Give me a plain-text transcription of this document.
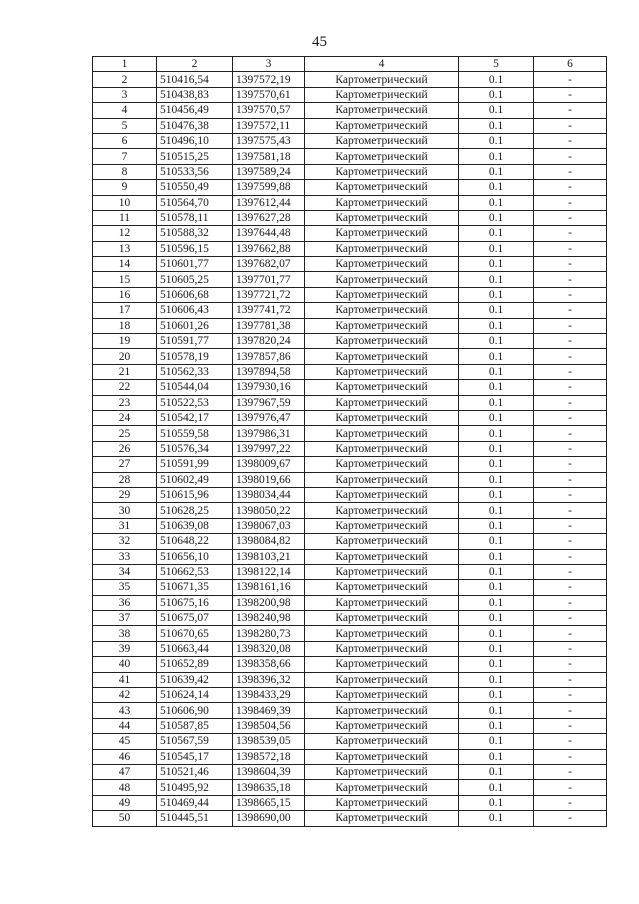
45
1	2	3	4	5	6
2	510416,54	1397572,19	Картометрический	0.1	-
3	510438,83	1397570,61	Картометрический	0.1	-
4	510456,49	1397570,57	Картометрический	0.1	-
5	510476,38	1397572,11	Картометрический	0.1	-
6	510496,10	1397575,43	Картометрический	0.1	-
7	510515,25	1397581,18	Картометрический	0.1	-
8	510533,56	1397589,24	Картометрический	0.1	-
9	510550,49	1397599,88	Картометрический	0.1	-
10	510564,70	1397612,44	Картометрический	0.1	-
11	510578,11	1397627,28	Картометрический	0.1	-
12	510588,32	1397644,48	Картометрический	0.1	-
13	510596,15	1397662,88	Картометрический	0.1	-
14	510601,77	1397682,07	Картометрический	0.1	-
15	510605,25	1397701,77	Картометрический	0.1	-
16	510606,68	1397721,72	Картометрический	0.1	-
17	510606,43	1397741,72	Картометрический	0.1	-
18	510601,26	1397781,38	Картометрический	0.1	-
19	510591,77	1397820,24	Картометрический	0.1	-
20	510578,19	1397857,86	Картометрический	0.1	-
21	510562,33	1397894,58	Картометрический	0.1	-
22	510544,04	1397930,16	Картометрический	0.1	-
23	510522,53	1397967,59	Картометрический	0.1	-
24	510542,17	1397976,47	Картометрический	0.1	-
25	510559,58	1397986,31	Картометрический	0.1	-
26	510576,34	1397997,22	Картометрический	0.1	-
27	510591,99	1398009,67	Картометрический	0.1	-
28	510602,49	1398019,66	Картометрический	0.1	-
29	510615,96	1398034,44	Картометрический	0.1	-
30	510628,25	1398050,22	Картометрический	0.1	-
31	510639,08	1398067,03	Картометрический	0.1	-
32	510648,22	1398084,82	Картометрический	0.1	-
33	510656,10	1398103,21	Картометрический	0.1	-
34	510662,53	1398122,14	Картометрический	0.1	-
35	510671,35	1398161,16	Картометрический	0.1	-
36	510675,16	1398200,98	Картометрический	0.1	-
37	510675,07	1398240,98	Картометрический	0.1	-
38	510670,65	1398280,73	Картометрический	0.1	-
39	510663,44	1398320,08	Картометрический	0.1	-
40	510652,89	1398358,66	Картометрический	0.1	-
41	510639,42	1398396,32	Картометрический	0.1	-
42	510624,14	1398433,29	Картометрический	0.1	-
43	510606,90	1398469,39	Картометрический	0.1	-
44	510587,85	1398504,56	Картометрический	0.1	-
45	510567,59	1398539,05	Картометрический	0.1	-
46	510545,17	1398572,18	Картометрический	0.1	-
47	510521,46	1398604,39	Картометрический	0.1	-
48	510495,92	1398635,18	Картометрический	0.1	-
49	510469,44	1398665,15	Картометрический	0.1	-
50	510445,51	1398690,00	Картометрический	0.1	-
